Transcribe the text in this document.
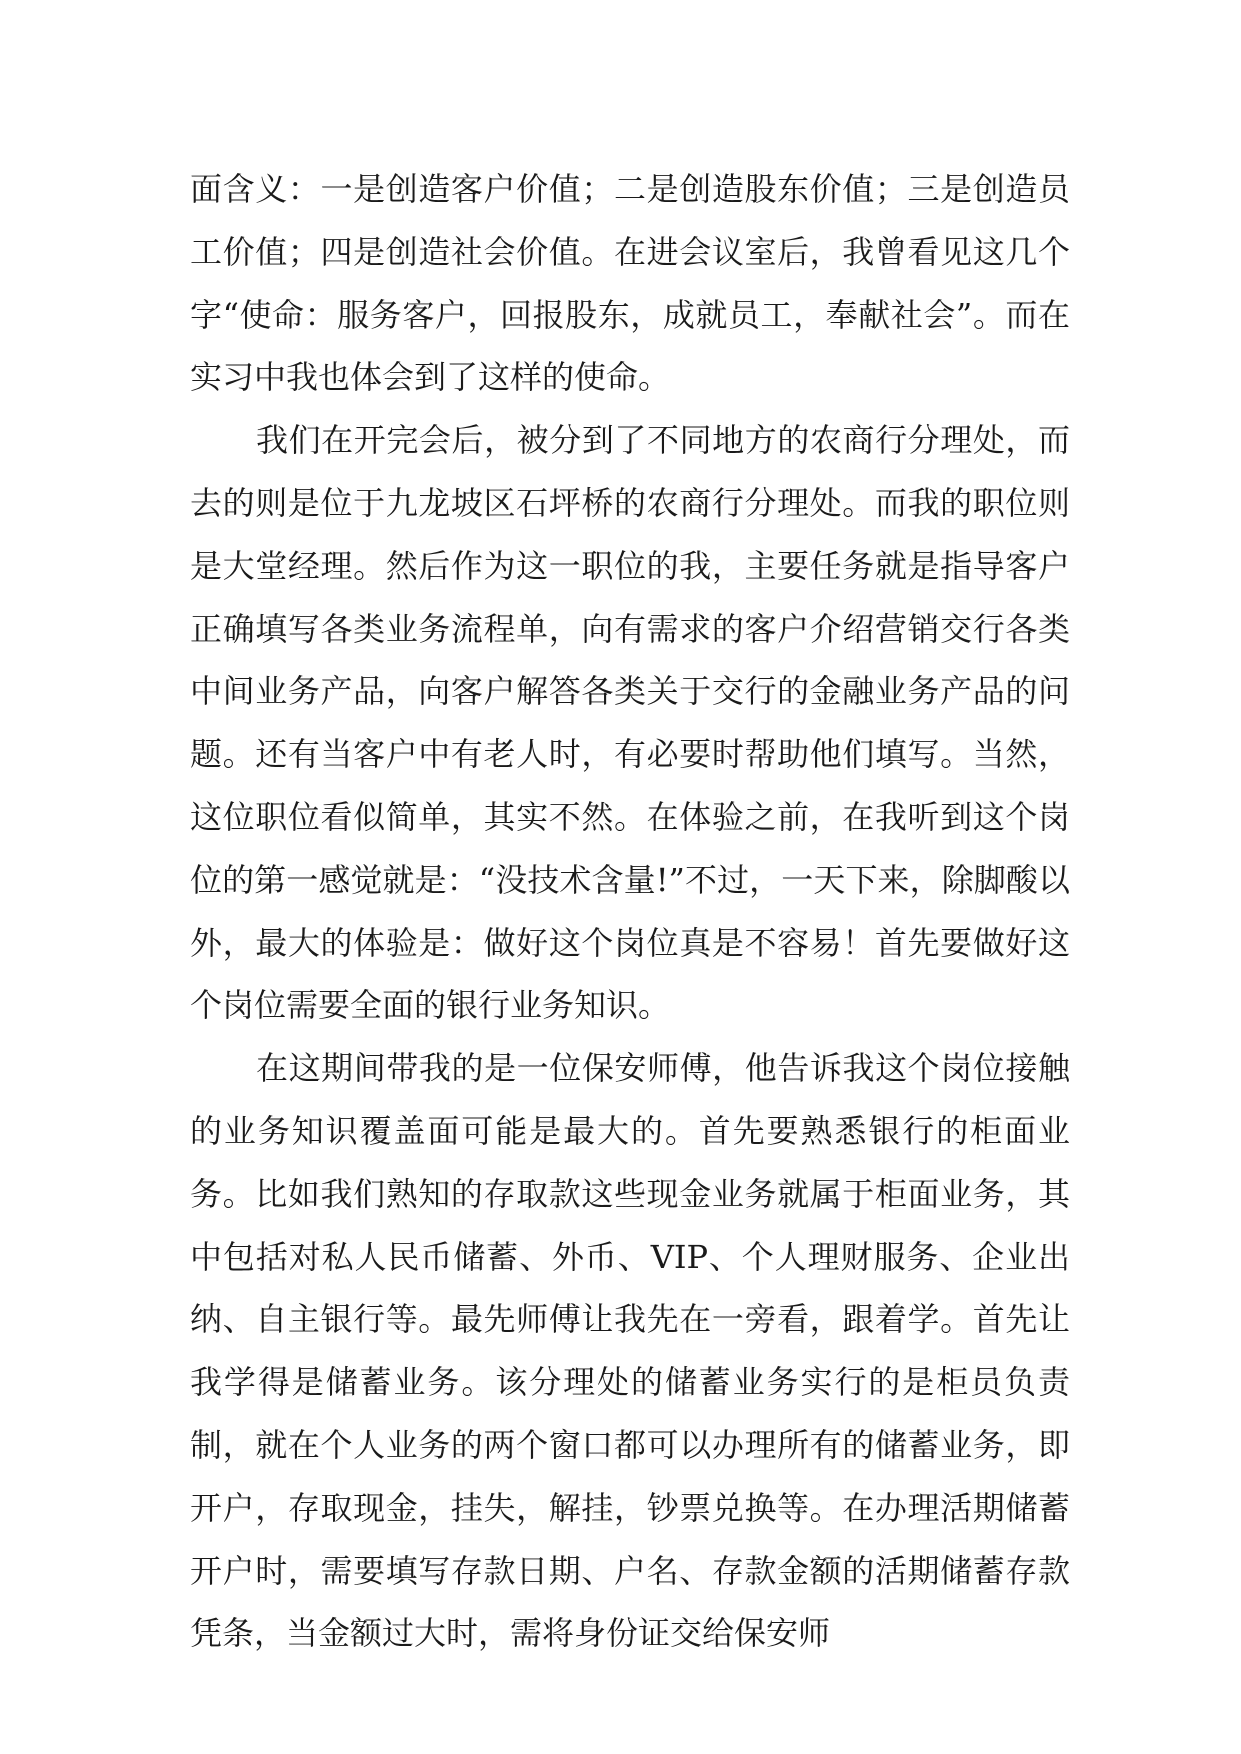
面含义：一是创造客户价值；二是创造股东价值；三是创造员工价值；四是创造社会价值。在进会议室后，我曾看见这几个字“使命：服务客户，回报股东，成就员工，奉献社会”。而在实习中我也体会到了这样的使命。

我们在开完会后，被分到了不同地方的农商行分理处，而去的则是位于九龙坡区石坪桥的农商行分理处。而我的职位则是大堂经理。然后作为这一职位的我，主要任务就是指导客户正确填写各类业务流程单，向有需求的客户介绍营销交行各类中间业务产品，向客户解答各类关于交行的金融业务产品的问题。还有当客户中有老人时，有必要时帮助他们填写。当然，这位职位看似简单，其实不然。在体验之前，在我听到这个岗位的第一感觉就是：“没技术含量!”不过，一天下来，除脚酸以外，最大的体验是：做好这个岗位真是不容易！首先要做好这个岗位需要全面的银行业务知识。

在这期间带我的是一位保安师傅，他告诉我这个岗位接触的业务知识覆盖面可能是最大的。首先要熟悉银行的柜面业务。比如我们熟知的存取款这些现金业务就属于柜面业务，其中包括对私人民币储蓄、外币、VIP、个人理财服务、企业出纳、自主银行等。最先师傅让我先在一旁看，跟着学。首先让我学得是储蓄业务。该分理处的储蓄业务实行的是柜员负责制，就在个人业务的两个窗口都可以办理所有的储蓄业务，即开户，存取现金，挂失，解挂，钞票兑换等。在办理活期储蓄开户时，需要填写存款日期、户名、存款金额的活期储蓄存款凭条，当金额过大时，需将身份证交给保安师
